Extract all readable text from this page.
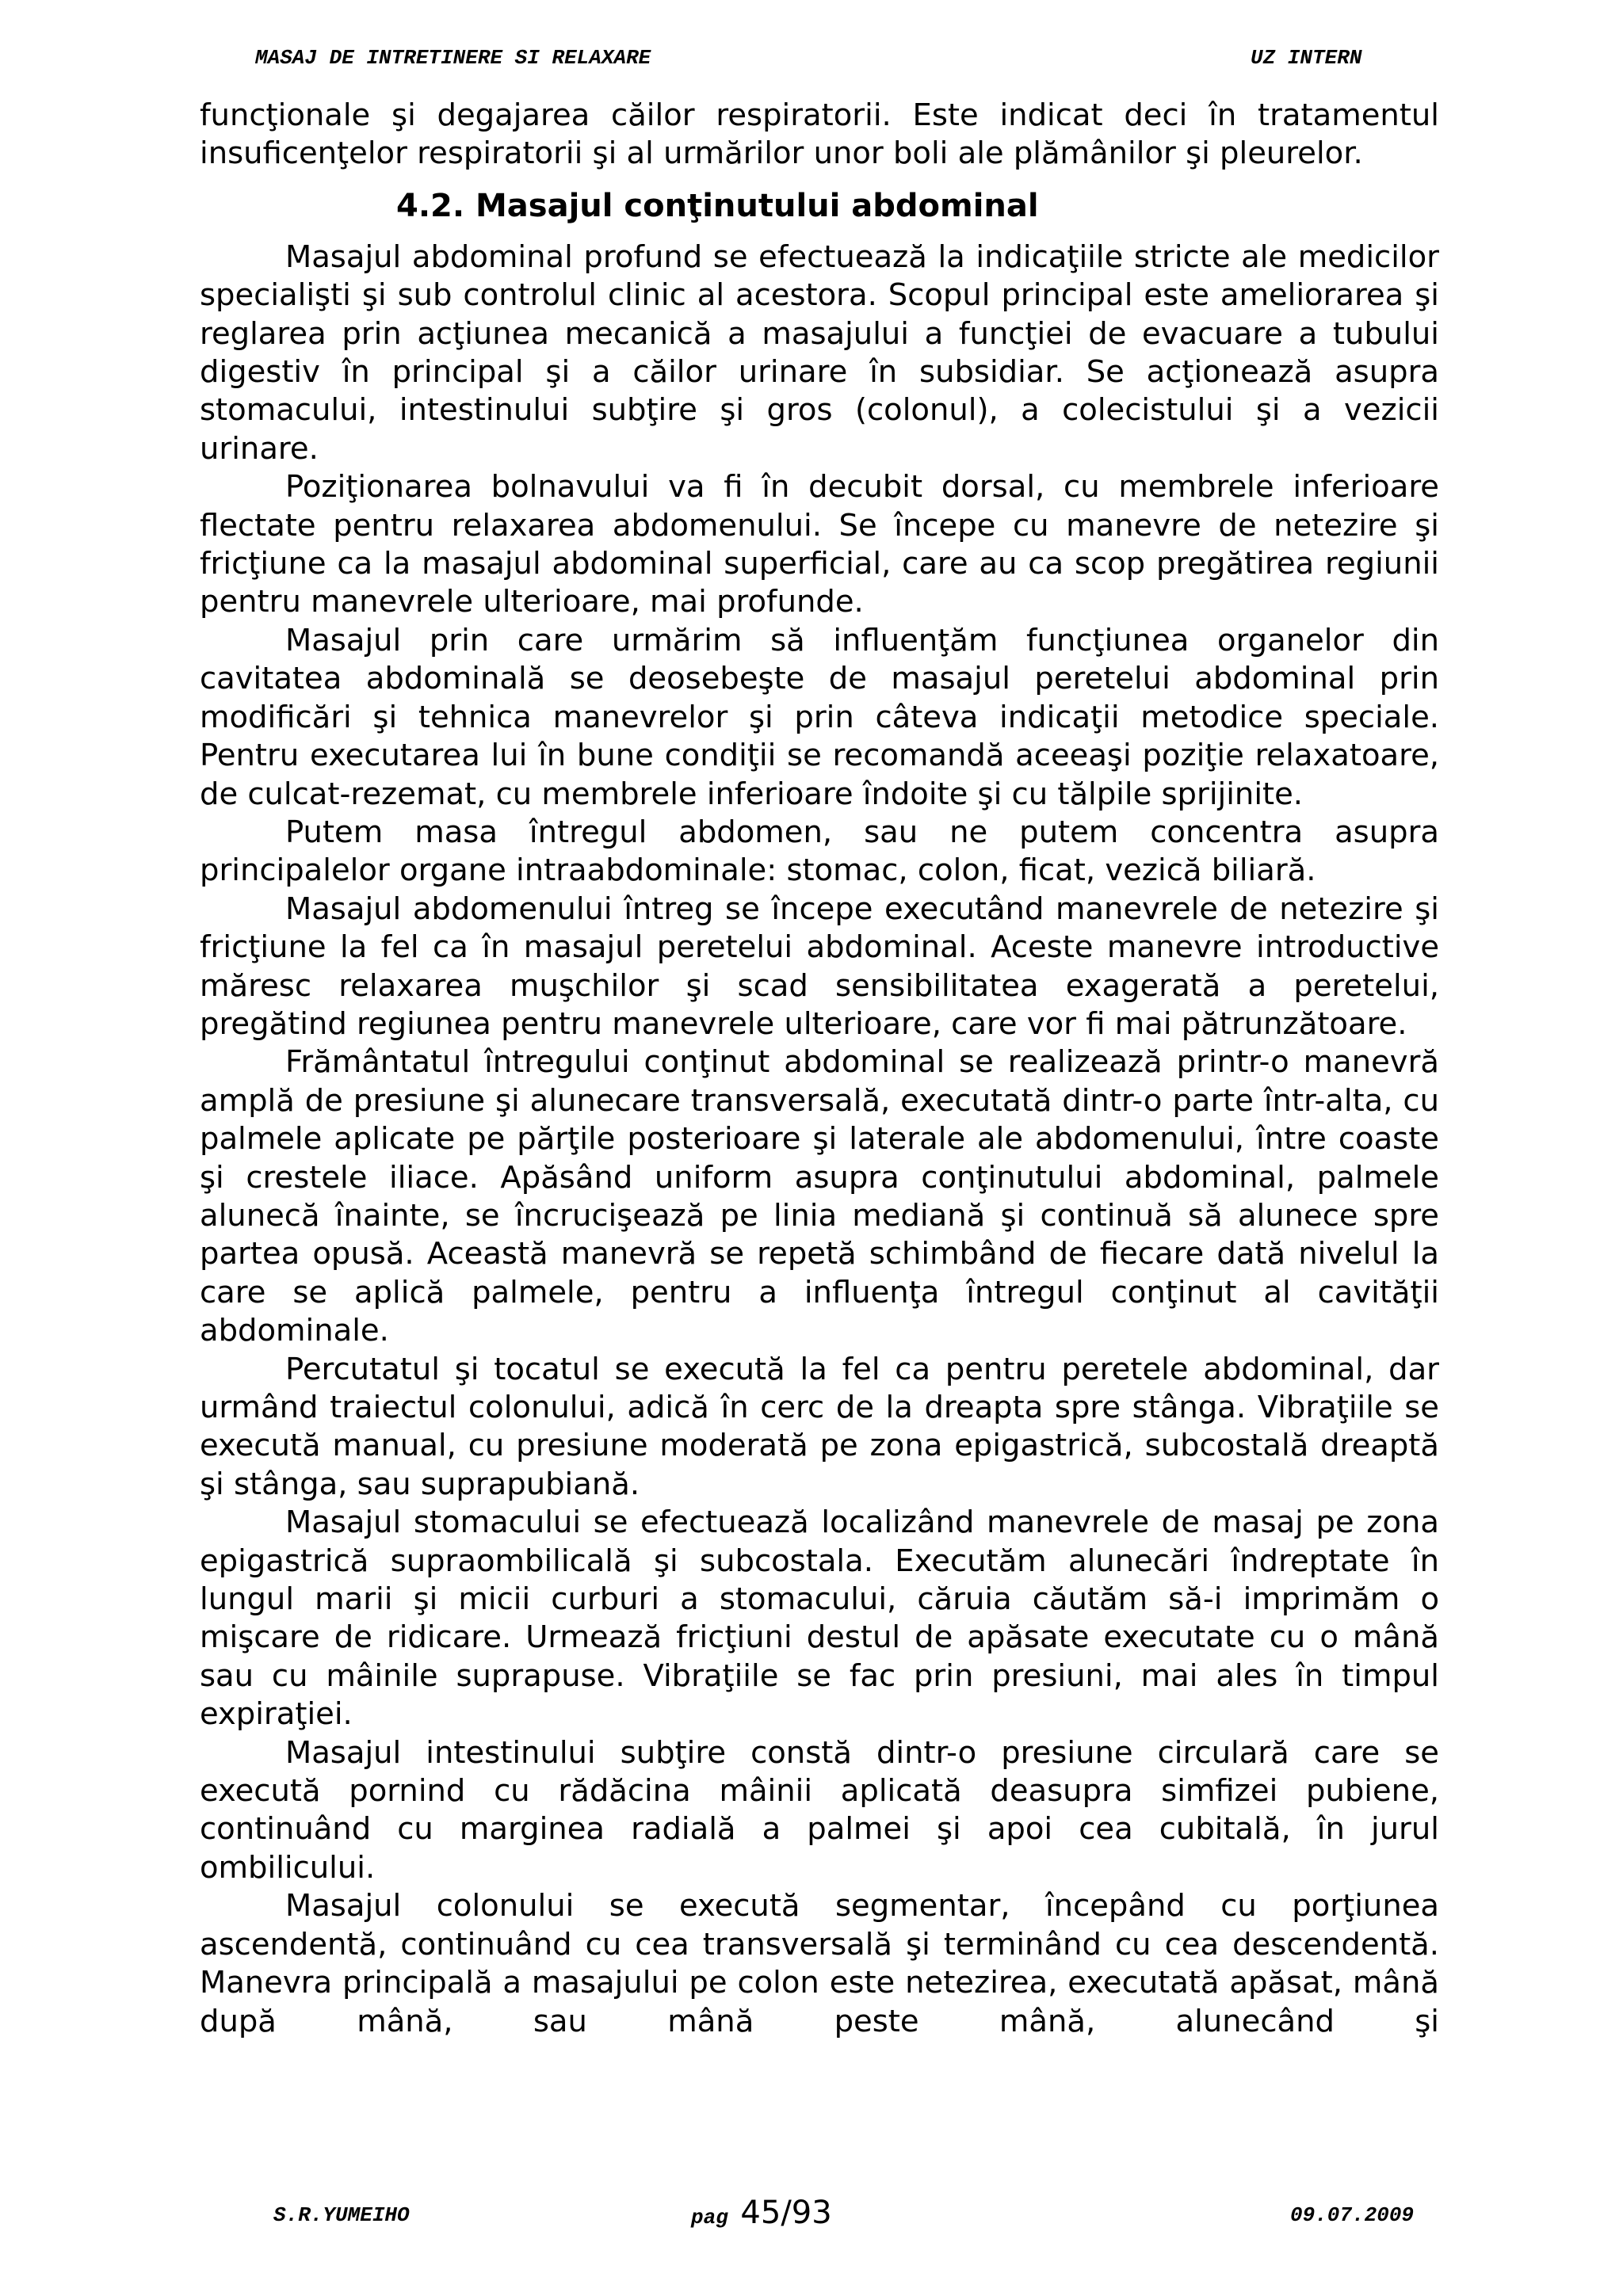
MASAJ DE INTRETINERE SI RELAXARE	UZ INTERN

funcţionale şi degajarea căilor respiratorii. Este indicat deci în tratamentul insuficenţelor respiratorii şi al urmărilor unor boli ale plămânilor şi pleurelor.

4.2. Masajul conţinutului abdominal

Masajul abdominal profund se efectuează la indicaţiile stricte ale medicilor specialişti şi sub controlul clinic al acestora. Scopul principal este ameliorarea şi reglarea prin acţiunea mecanică a masajului a funcţiei de evacuare a tubului digestiv în principal şi a căilor urinare în subsidiar. Se acţionează asupra stomacului, intestinului subţire şi gros (colonul), a colecistului şi a vezicii urinare.

Poziţionarea bolnavului va fi în decubit dorsal, cu membrele inferioare flectate pentru relaxarea abdomenului. Se începe cu manevre de netezire şi fricţiune ca la masajul abdominal superficial, care au ca scop pregătirea regiunii pentru manevrele ulterioare, mai profunde.

Masajul prin care urmărim să influenţăm funcţiunea organelor din cavitatea abdominală se deosebeşte de masajul peretelui abdominal prin modificări şi tehnica manevrelor şi prin câteva indicaţii metodice speciale. Pentru executarea lui în bune condiţii se recomandă aceeaşi poziţie relaxatoare, de culcat-rezemat, cu membrele inferioare îndoite şi cu tălpile sprijinite.

Putem masa întregul abdomen, sau ne putem concentra asupra principalelor organe intraabdominale: stomac, colon, ficat, vezică biliară.

Masajul abdomenului întreg se începe executând manevrele de netezire şi fricţiune la fel ca în masajul peretelui abdominal. Aceste manevre introductive măresc relaxarea muşchilor şi scad sensibilitatea exagerată a peretelui, pregătind regiunea pentru manevrele ulterioare, care vor fi mai pătrunzătoare.

Frământatul întregului conţinut abdominal se realizează printr-o manevră amplă de presiune şi alunecare transversală, executată dintr-o parte într-alta, cu palmele aplicate pe părţile posterioare şi laterale ale abdomenului, între coaste şi crestele iliace. Apăsând uniform asupra conţinutului abdominal, palmele alunecă înainte, se încrucişează pe linia mediană şi continuă să alunece spre partea opusă. Această manevră se repetă schimbând de fiecare dată nivelul la care se aplică palmele, pentru a influenţa întregul conţinut al cavităţii abdominale.

Percutatul şi tocatul se execută la fel ca pentru peretele abdominal, dar urmând traiectul colonului, adică în cerc de la dreapta spre stânga. Vibraţiile se execută manual, cu presiune moderată pe zona epigastrică, subcostală dreaptă şi stânga, sau suprapubiană.

Masajul stomacului se efectuează localizând manevrele de masaj pe zona epigastrică supraombilicală şi subcostala. Executăm alunecări îndreptate în lungul marii şi micii curburi a stomacului, căruia căutăm să-i imprimăm o mişcare de ridicare. Urmează fricţiuni destul de apăsate executate cu o mână sau cu mâinile suprapuse. Vibraţiile se fac prin presiuni, mai ales în timpul expiraţiei.

Masajul intestinului subţire constă dintr-o presiune circulară care se execută pornind cu rădăcina mâinii aplicată deasupra simfizei pubiene, continuând cu marginea radială a palmei şi apoi cea cubitală, în jurul ombilicului.

Masajul colonului se execută segmentar, începând cu porţiunea ascendentă, continuând cu cea transversală şi terminând cu cea descendentă. Manevra principală a masajului pe colon este netezirea, executată apăsat, mână după mână, sau mână peste mână, alunecând şi

S.R.YUMEIHO	pag 45/93	09.07.2009
